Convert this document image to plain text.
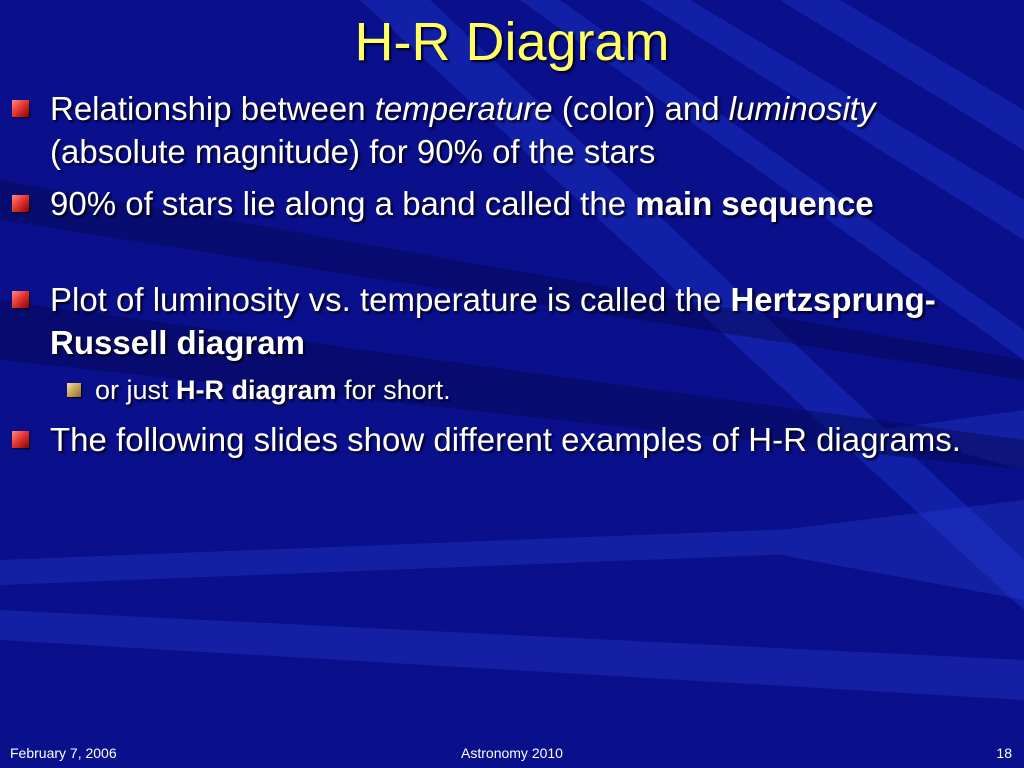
H-R Diagram
Relationship between temperature (color) and luminosity (absolute magnitude) for 90% of the stars
90% of stars lie along a band called the main sequence
Plot of luminosity vs. temperature is called the Hertzsprung-Russell diagram
or just H-R diagram for short.
The following slides show different examples of H-R diagrams.
February 7, 2006	Astronomy 2010	18
